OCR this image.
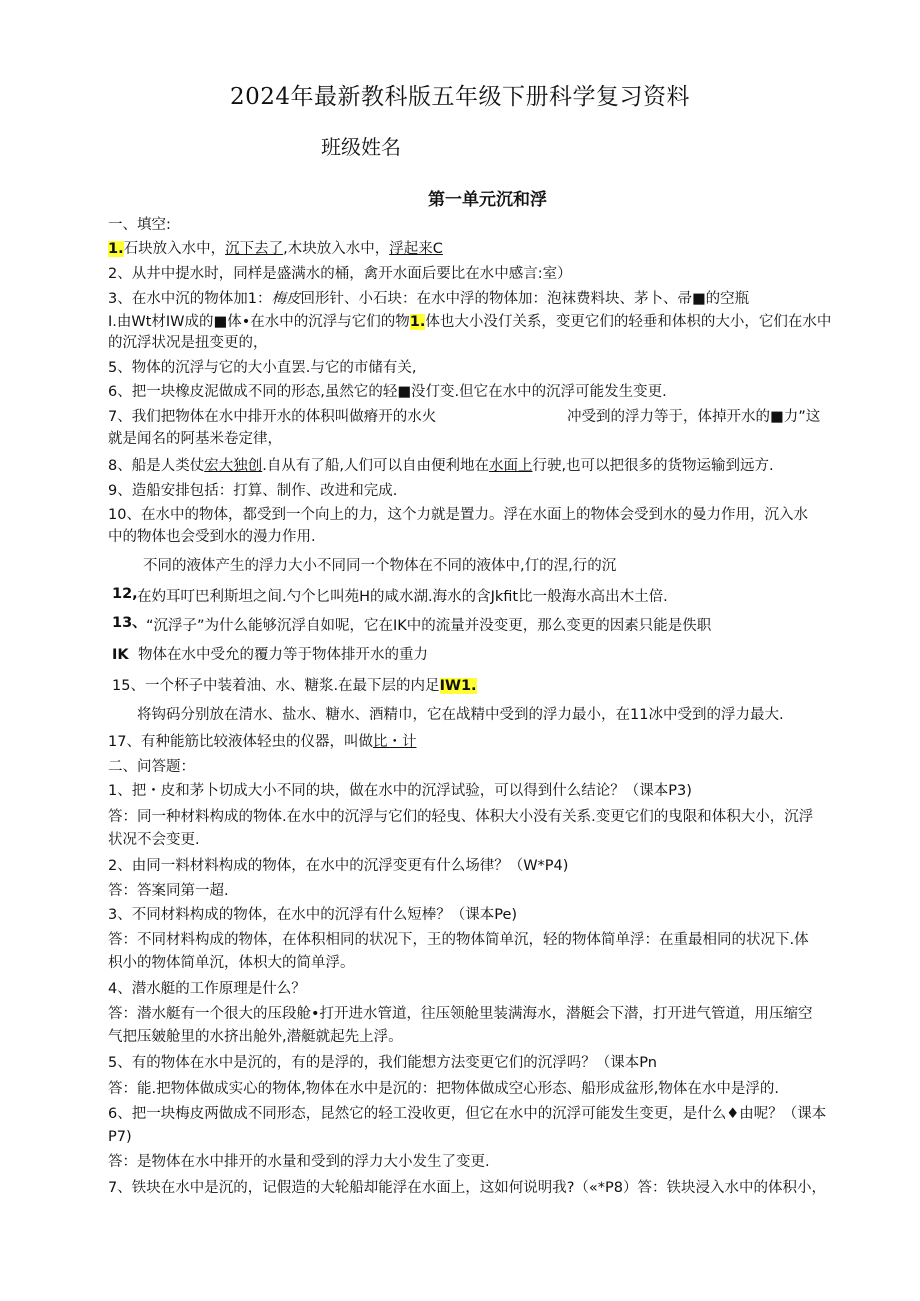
2024年最新教科版五年级下册科学复习资料
班级姓名
第一单元沉和浮
一、填空:
1.石块放入水中，沉下去了,木块放入水中，浮起来C
2、从井中提水时，同样是盛满水的桶，禽开水面后要比在水中感言:室）
3、在水中沉的物体加1：梅皮回形针、小石块：在水中浮的物体加：泡袜费料块、茅卜、帚■的空瓶
I.由Wt材IW成的■体•在水中的沉浮与它们的物1.体也大小没仃关系，变更它们的轻垂和体枳的大小，它们在水中
的沉浮状况是扭变更的，
5、物体的沉浮与它的大小直罢.与它的市储有关,
6、把一块橡皮泥做成不同的形态,虽然它的轻■没仃变.但它在水中的沉浮可能发生变更.
7、我们把物体在水中排开水的体积叫做瘠开的水火	冲受到的浮力等于，体掉开水的■力”这
就是闻名的阿基米卷定律，
8、船是人类仗宏大独创.自从有了船,人们可以自由便利地在水面上行驶,也可以把很多的货物运输到远方.
9、造船安排包括：打算、制作、改进和完成.
10、在水中的物体，都受到一个向上的力，这个力就是置力。浮在水面上的物体会受到水的曼力作用，沉入水
中的物体也会受到水的漫力作用.
不同的液体产生的浮力大小不同同一个物体在不同的液体中,仃的涅,行的沉
12, 在妁耳叮巴利斯坦之间.勺个匕叫苑H的咸水湖.海水的含Jkfit比一般海水高出木土倍.
13、 “沉浮子”为什么能够沉浮自如呢，它在IK中的流量并没变更，那么变更的因素只能是佚职
IK 物体在水中受允的覆力等于物体排开水的重力
15、一个杯子中装着油、水、糖浆.在最下层的内足IW1.
将钩码分别放在清水、盐水、糖水、酒精巾，它在战精中受到的浮力最小，在11冰中受到的浮力最大.
17、有种能筋比较液体轻虫的仪器，叫做比・计
二、问答题：
1、把・皮和茅卜切成大小不同的块，做在水中的沉浮试验，可以得到什么结论？（课本P3)
答：同一种材料构成的物体.在水中的沉浮与它们的轻曳、体积大小没有关系.变更它们的曳限和体积大小，沉浮
状况不会变更.
2、由同一料材料构成的物体，在水中的沉浮变更有什么场律？（W*P4)
答：答案同第一超.
3、不同材料构成的物体，在水中的沉浮有什么短棒？（课本Pe)
答：不同材料构成的物体，在体积相同的状况下，王的物体简单沉，轻的物体简单浮：在重最相同的状况下.体
枳小的物体简单沉，体枳大的简单浮。
4、潜水艇的工作原理是什么？
答：潜水艇有一个很大的压段舱•打开进水管道，往压领舱里装满海水，潜艇会下潜，打开进气管道，用压缩空
气把压皴舱里的水挤出舱外,潜艇就起先上浮。
5、有的物体在水中是沉的，有的是浮的，我们能想方法变更它们的沉浮吗？（课本Pn
答：能.把物体做成实心的物体,物体在水中是沉的：把物体做成空心形态、船形成盆形,物体在水中是浮的.
6、把一块梅皮两做成不同形态，昆然它的轻工没收更，但它在水中的沉浮可能发生变更，是什么♦由呢？（课本
P7)
答：是物体在水中排开的水量和受到的浮力大小发生了变更.
7、铁块在水中是沉的，记假造的大轮船却能浮在水面上，这如何说明我?（«*P8）答：铁块浸入水中的体积小，
